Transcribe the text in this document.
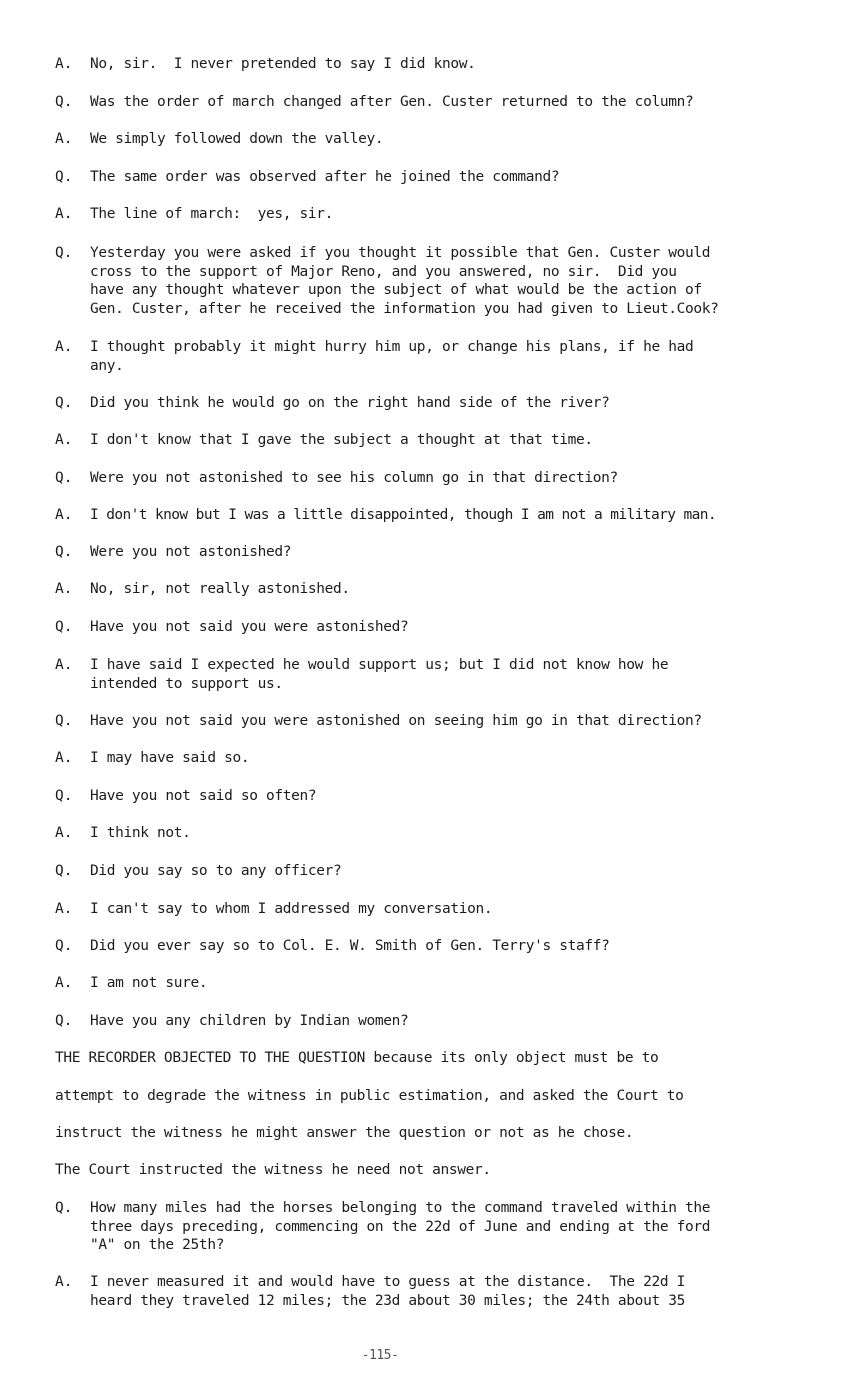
A. No, sir.  I never pretended to say I did know.
Q. Was the order of march changed after Gen. Custer returned to the column?
A. We simply followed down the valley.
Q. The same order was observed after he joined the command?
A. The line of march:  yes, sir.
Q. Yesterday you were asked if you thought it possible that Gen. Custer would
cross to the support of Major Reno, and you answered, no sir.  Did you
have any thought whatever upon the subject of what would be the action of
Gen. Custer, after he received the information you had given to Lieut.Cook?
A. I thought probably it might hurry him up, or change his plans, if he had
any.
Q. Did you think he would go on the right hand side of the river?
A. I don't know that I gave the subject a thought at that time.
Q. Were you not astonished to see his column go in that direction?
A. I don't know but I was a little disappointed, though I am not a military man.
Q. Were you not astonished?
A. No, sir, not really astonished.
Q. Have you not said you were astonished?
A. I have said I expected he would support us; but I did not know how he
intended to support us.
Q. Have you not said you were astonished on seeing him go in that direction?
A. I may have said so.
Q. Have you not said so often?
A. I think not.
Q. Did you say so to any officer?
A. I can't say to whom I addressed my conversation.
Q. Did you ever say so to Col. E. W. Smith of Gen. Terry's staff?
A. I am not sure.
Q. Have you any children by Indian women?
THE RECORDER OBJECTED TO THE QUESTION because its only object must be to
attempt to degrade the witness in public estimation, and asked the Court to
instruct the witness he might answer the question or not as he chose.
The Court instructed the witness he need not answer.
Q. How many miles had the horses belonging to the command traveled within the
three days preceding, commencing on the 22d of June and ending at the ford
"A" on the 25th?
A. I never measured it and would have to guess at the distance.  The 22d I
heard they traveled 12 miles; the 23d about 30 miles; the 24th about 35
-115-
